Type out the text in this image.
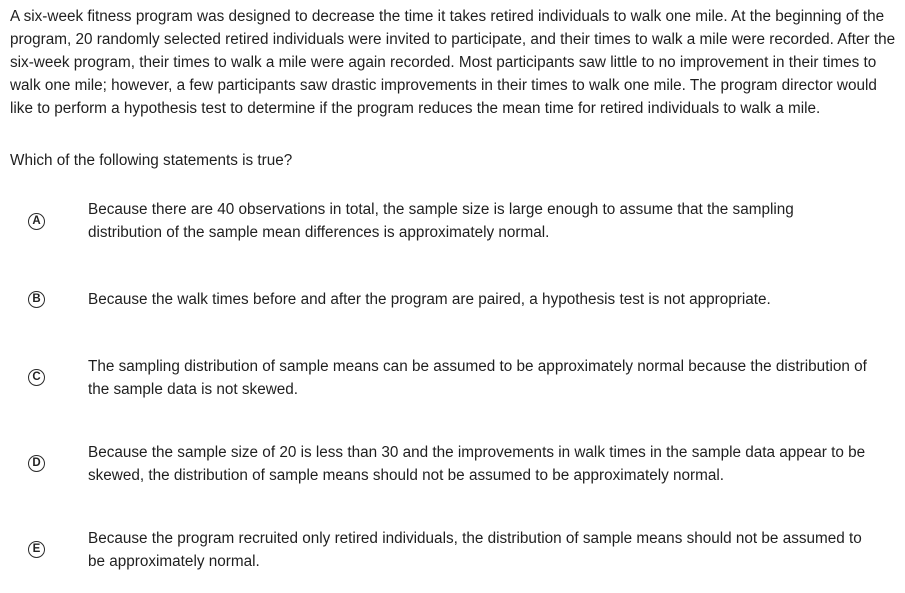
A six-week fitness program was designed to decrease the time it takes retired individuals to walk one mile. At the beginning of the program, 20 randomly selected retired individuals were invited to participate, and their times to walk a mile were recorded. After the six-week program, their times to walk a mile were again recorded. Most participants saw little to no improvement in their times to walk one mile; however, a few participants saw drastic improvements in their times to walk one mile. The program director would like to perform a hypothesis test to determine if the program reduces the mean time for retired individuals to walk a mile.

Which of the following statements is true?

A
Because there are 40 observations in total, the sample size is large enough to assume that the sampling distribution of the sample mean differences is approximately normal.
B	Because the walk times before and after the program are paired, a hypothesis test is not appropriate.
C
The sampling distribution of sample means can be assumed to be approximately normal because the distribution of the sample data is not skewed.
D
Because the sample size of 20 is less than 30 and the improvements in walk times in the sample data appear to be skewed, the distribution of sample means should not be assumed to be approximately normal.
E
Because the program recruited only retired individuals, the distribution of sample means should not be assumed to be approximately normal.
